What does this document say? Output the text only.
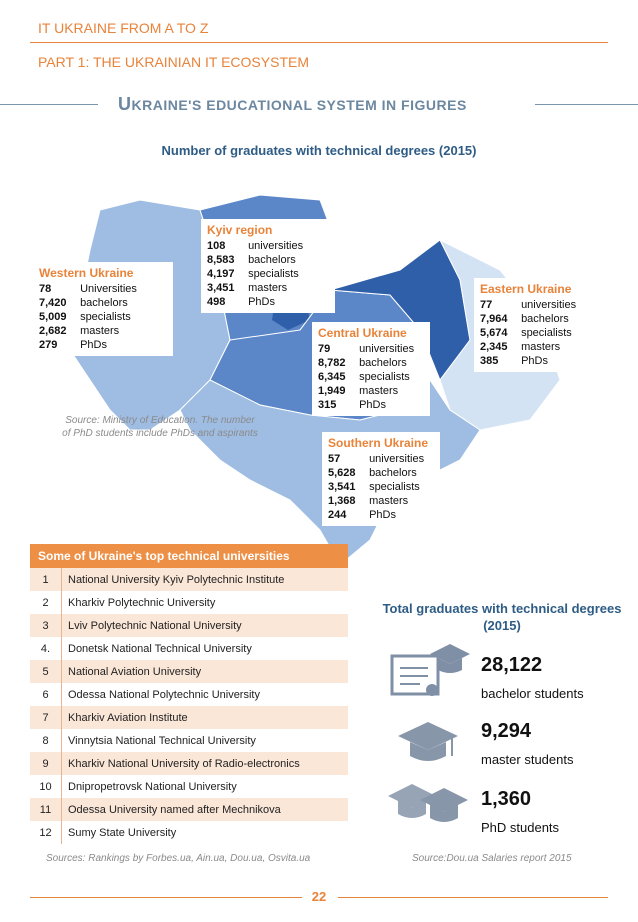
IT UKRAINE FROM A TO Z
PART 1: THE UKRAINIAN IT ECOSYSTEM
UKRAINE'S EDUCATIONAL SYSTEM IN FIGURES
Number of graduates with technical degrees (2015)
Western Ukraine
78	Universities
7,420 bachelors
5,009 specialists
2,682 masters
279 PhDs
Kyiv region
108 universities
8,583 bachelors
4,197 specialists
3,451 masters
498 PhDs
Central Ukraine
79	universities
8,782 bachelors
6,345 specialists
1,949 masters
315 PhDs
Eastern Ukraine
77	universities
7,964 bachelors
5,674 specialists
2,345 masters
385 PhDs
Southern Ukraine
57	universities
5,628 bachelors
3,541 specialists
1,368 masters
244 PhDs
Source: Ministry of Education. The number of PhD students include PhDs and aspirants
Some of Ukraine's top technical universities
1	National University Kyiv Polytechnic Institute
2	Kharkiv Polytechnic University
3	Lviv Polytechnic National University
4.	Donetsk National Technical University
5	National Aviation University
6	Odessa National Polytechnic University
7	Kharkiv Aviation Institute
8	Vinnytsia National Technical University
9	Kharkiv National University of Radio-electronics
10	Dnipropetrovsk National University
11	Odessa University named after Mechnikova
12	Sumy State University
Sources: Rankings by Forbes.ua, Ain.ua, Dou.ua, Osvita.ua
Total graduates with technical degrees (2015)
28,122
bachelor students
9,294
master students
1,360
PhD students
Source:Dou.ua Salaries report 2015
22
